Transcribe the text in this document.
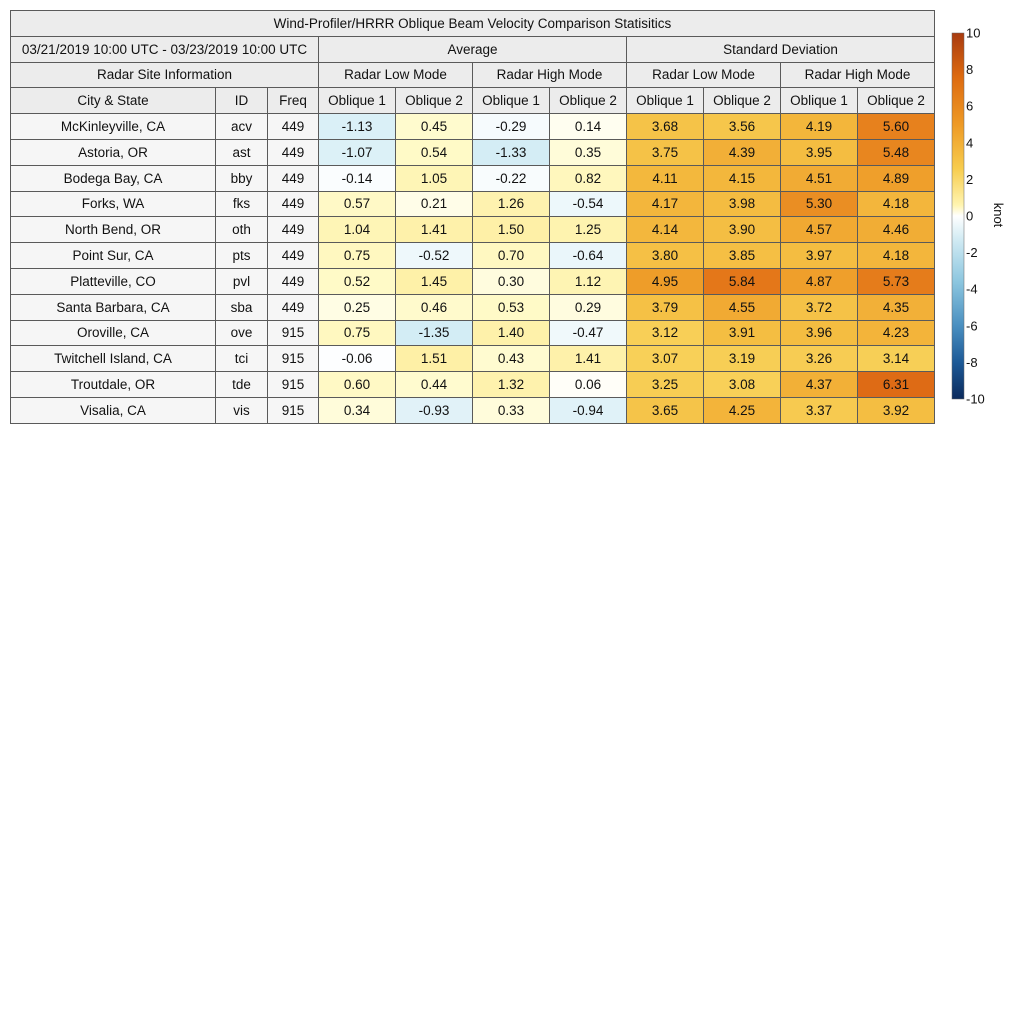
Wind-Profiler/HRRR Oblique Beam Velocity Comparison Statisitics										
03/21/2019 10:00 UTC - 03/23/2019 10:00 UTC			Average				Standard Deviation			
Radar Site Information			Radar Low Mode		Radar High Mode		Radar Low Mode		Radar High Mode	
City & State	ID	Freq	Oblique 1	Oblique 2	Oblique 1	Oblique 2	Oblique 1	Oblique 2	Oblique 1	Oblique 2
McKinleyville, CA	acv	449	-1.13	0.45	-0.29	0.14	3.68	3.56	4.19	5.60
Astoria, OR	ast	449	-1.07	0.54	-1.33	0.35	3.75	4.39	3.95	5.48
Bodega Bay, CA	bby	449	-0.14	1.05	-0.22	0.82	4.11	4.15	4.51	4.89
Forks, WA	fks	449	0.57	0.21	1.26	-0.54	4.17	3.98	5.30	4.18
North Bend, OR	oth	449	1.04	1.41	1.50	1.25	4.14	3.90	4.57	4.46
Point Sur, CA	pts	449	0.75	-0.52	0.70	-0.64	3.80	3.85	3.97	4.18
Platteville, CO	pvl	449	0.52	1.45	0.30	1.12	4.95	5.84	4.87	5.73
Santa Barbara, CA	sba	449	0.25	0.46	0.53	0.29	3.79	4.55	3.72	4.35
Oroville, CA	ove	915	0.75	-1.35	1.40	-0.47	3.12	3.91	3.96	4.23
Twitchell Island, CA	tci	915	-0.06	1.51	0.43	1.41	3.07	3.19	3.26	3.14
Troutdale, OR	tde	915	0.60	0.44	1.32	0.06	3.25	3.08	4.37	6.31
Visalia, CA	vis	915	0.34	-0.93	0.33	-0.94	3.65	4.25	3.37	3.92
10
8
6
4
2
0
-2
-4
-6
-8
-10
knot
